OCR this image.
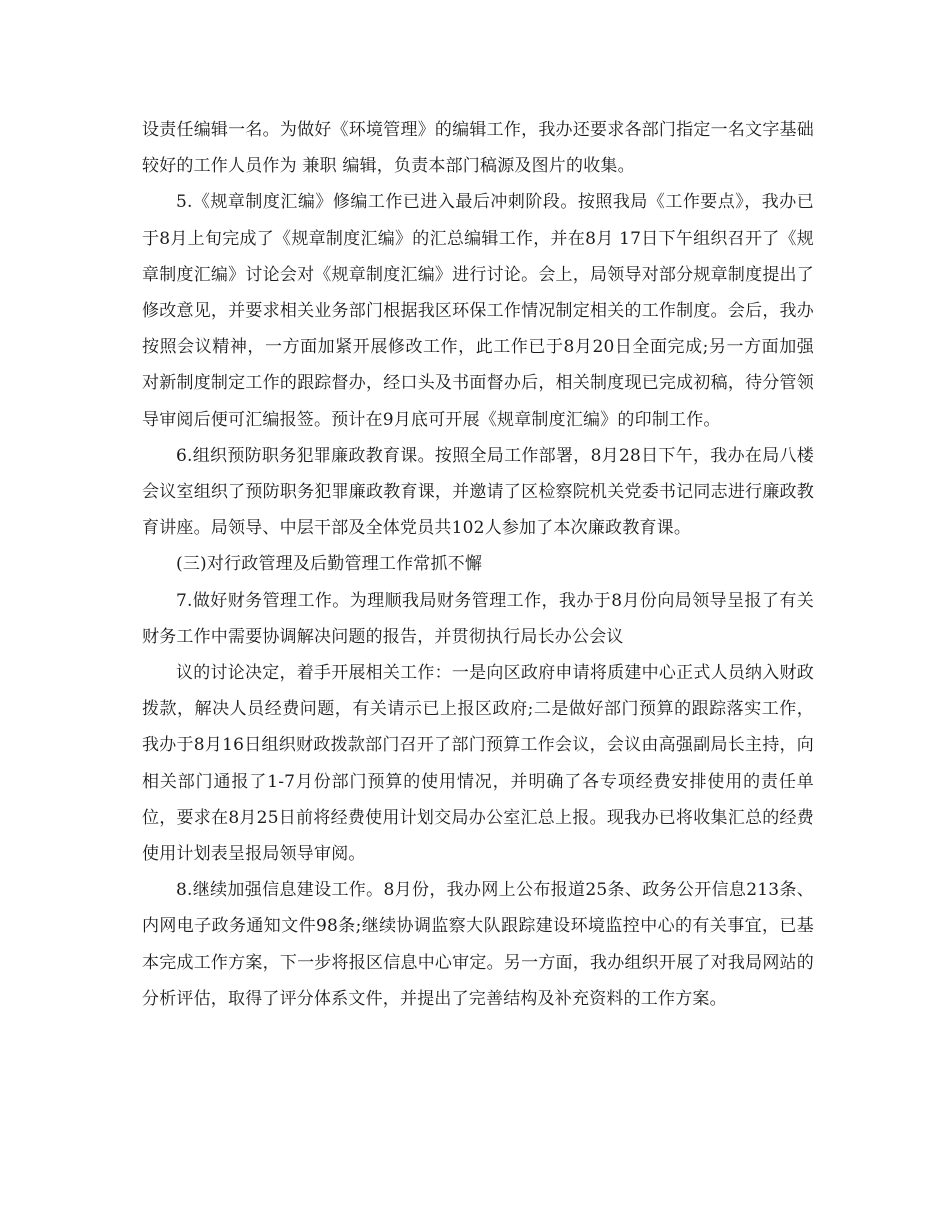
设责任编辑一名。为做好《环境管理》的编辑工作，我办还要求各部门指定一名文字基础较好的工作人员作为 兼职 编辑，负责本部门稿源及图片的收集。

5.《规章制度汇编》修编工作已进入最后冲刺阶段。按照我局《工作要点》，我办已于8月上旬完成了《规章制度汇编》的汇总编辑工作，并在8月 17日下午组织召开了《规章制度汇编》讨论会对《规章制度汇编》进行讨论。会上，局领导对部分规章制度提出了修改意见，并要求相关业务部门根据我区环保工作情况制定相关的工作制度。会后，我办按照会议精神，一方面加紧开展修改工作，此工作已于8月20日全面完成;另一方面加强对新制度制定工作的跟踪督办，经口头及书面督办后，相关制度现已完成初稿，待分管领导审阅后便可汇编报签。预计在9月底可开展《规章制度汇编》的印制工作。

6.组织预防职务犯罪廉政教育课。按照全局工作部署，8月28日下午，我办在局八楼会议室组织了预防职务犯罪廉政教育课，并邀请了区检察院机关党委书记同志进行廉政教育讲座。局领导、中层干部及全体党员共102人参加了本次廉政教育课。

(三)对行政管理及后勤管理工作常抓不懈

7.做好财务管理工作。为理顺我局财务管理工作，我办于8月份向局领导呈报了有关财务工作中需要协调解决问题的报告，并贯彻执行局长办公会议

议的讨论决定，着手开展相关工作：一是向区政府申请将质建中心正式人员纳入财政拨款，解决人员经费问题，有关请示已上报区政府;二是做好部门预算的跟踪落实工作，我办于8月16日组织财政拨款部门召开了部门预算工作会议，会议由高强副局长主持，向相关部门通报了1-7月份部门预算的使用情况，并明确了各专项经费安排使用的责任单位，要求在8月25日前将经费使用计划交局办公室汇总上报。现我办已将收集汇总的经费使用计划表呈报局领导审阅。

8.继续加强信息建设工作。8月份，我办网上公布报道25条、政务公开信息213条、内网电子政务通知文件98条;继续协调监察大队跟踪建设环境监控中心的有关事宜，已基本完成工作方案，下一步将报区信息中心审定。另一方面，我办组织开展了对我局网站的分析评估，取得了评分体系文件，并提出了完善结构及补充资料的工作方案。
